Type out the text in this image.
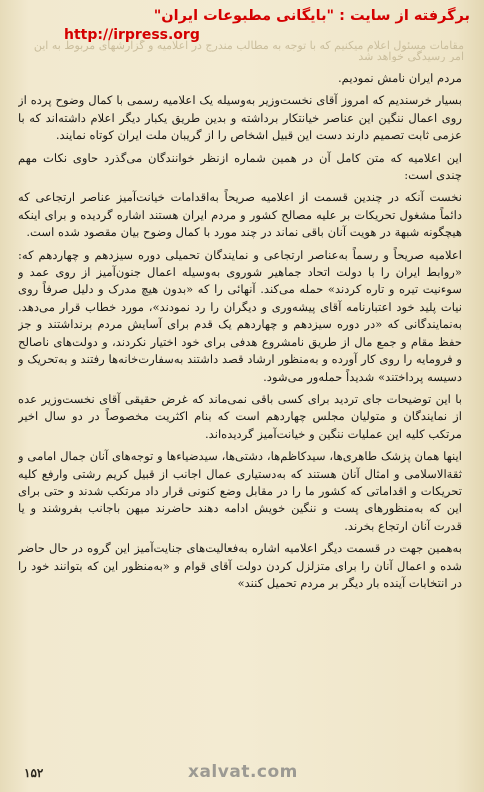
برگرفته از سایت : "بایگانی مطبوعات ایران"
http://irpress.org
مقامات مسئول اعلام میکنیم که با توجه به مطالب مندرج در اعلامیه و گزارشهای مربوط به این امر رسیدگی خواهد شد

مردم ایران نامش نمودیم.

بسیار خرسندیم که امروز آقای نخست‌وزیر به‌وسیله یک اعلامیه رسمی با کمال وضوح پرده از روی اعمال ننگین این عناصر خیانتکار برداشته و بدین طریق یکبار دیگر اعلام داشته‌اند که با عزمی ثابت تصمیم دارند دست این قبیل اشخاص را از گریبان ملت ایران کوتاه نمایند.

این اعلامیه که متن کامل آن در همین شماره ازنظر خوانندگان می‌گذرد حاوی نکات مهم چندی است:

نخست آنکه در چندین قسمت از اعلامیه صریحاً به‌اقدامات خیانت‌آمیز عناصر ارتجاعی که دائماً مشغول تحریکات بر علیه مصالح کشور و مردم ایران هستند اشاره گردیده و برای اینکه هیچگونه شبهة در هویت آنان باقی نماند در چند مورد با کمال وضوح بیان مقصود شده است.

اعلامیه صریحاً و رسماً به‌عناصر ارتجاعی و نمایندگان تحمیلی دوره سیزدهم و چهاردهم که: «روابط ایران را با دولت اتحاد جماهیر شوروی به‌وسیله اعمال جنون‌آمیز از روی عمد و سوءنیت تیره و تاره کردند» حمله می‌کند. آنهائی را که «بدون هیچ مدرک و دلیل صرفاً روی نیات پلید خود اعتبارنامه آقای پیشه‌وری و دیگران را رد نمودند»، مورد خطاب قرار می‌دهد. به‌نمایندگانی که «در دوره سیزدهم و چهاردهم یک قدم برای آسایش مردم برنداشتند و جز حفظ مقام و جمع مال از طریق نامشروع هدفی برای خود اختیار نکردند، و دولت‌های ناصالح و فرومایه را روی کار آورده و به‌منظور ارشاد قصد داشتند به‌سفارت‌خانه‌ها رفتند و به‌تحریک و دسیسه پرداختند» شدیداً حمله‌ور می‌شود.

با این توضیحات جای تردید برای کسی باقی نمی‌ماند که غرض حقیقی آقای نخست‌وزیر عده از نمایندگان و متولیان مجلس چهاردهم است که بنام اکثریت مخصوصاً در دو سال اخیر مرتکب کلیه این عملیات ننگین و خیانت‌آمیز گردیده‌اند.

اینها همان پزشک طاهری‌ها، سیدکاظم‌ها، دشتی‌ها، سیدضیاءها و توجه‌های آنان جمال امامی و ثقةالاسلامی و امثال آنان هستند که به‌دستیاری عمال اجانب از قبیل کریم رشتی وارفع کلیه تحریکات و اقداماتی که کشور ما را در مقابل وضع کنونی قرار داد مرتکب شدند و حتی برای این که به‌منظورهای پست و ننگین خویش ادامه دهند حاضرند میهن باجانب بفروشند و یا قدرت آنان ارتجاع بخرند.

به‌همین جهت در قسمت دیگر اعلامیه اشاره به‌فعالیت‌های جنایت‌آمیز این گروه در حال حاضر شده و اعمال آنان را برای متزلزل کردن دولت آقای قوام و «به‌منظور این که بتوانند خود را در انتخابات آینده بار دیگر بر مردم تحمیل کنند»

۱۵۲	xalvat.com
